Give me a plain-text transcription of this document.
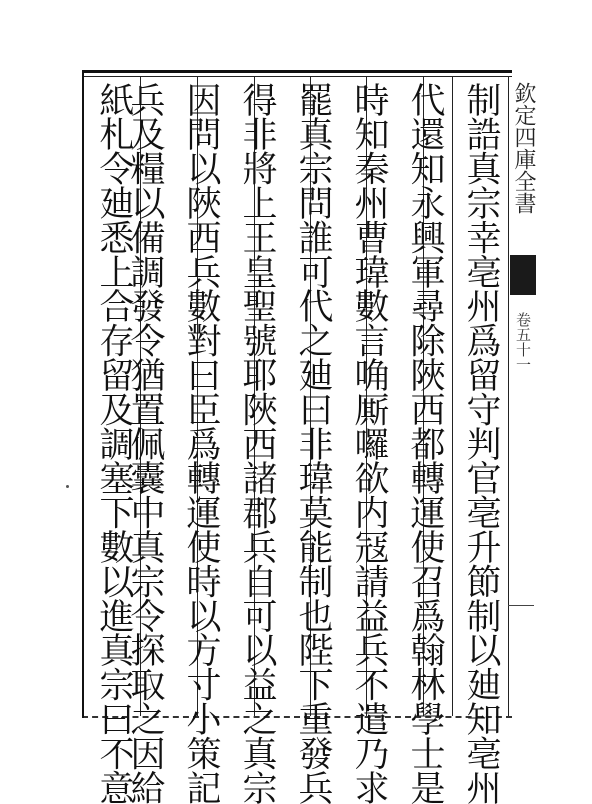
制誥真宗幸亳州爲留守判官亳升節制以廸知亳州
代還知永興軍尋除陜西都轉運使召爲翰林學士是
時知秦州曹瑋數言唃厮囉欲内冦請益兵不遣乃求
罷真宗問誰可代之廸曰非瑋莫能制也陛下重發兵
得非將上王皇聖號耶陜西諸郡兵自可以益之真宗
因問以陜西兵數對曰臣爲轉運使時以方寸小策記
兵及糧以備調發令猶置佩囊中真宗令探取之因給
紙札令廸悉上合存留及調塞下數以進真宗曰不意	欽定四庫全書
卷五十一
